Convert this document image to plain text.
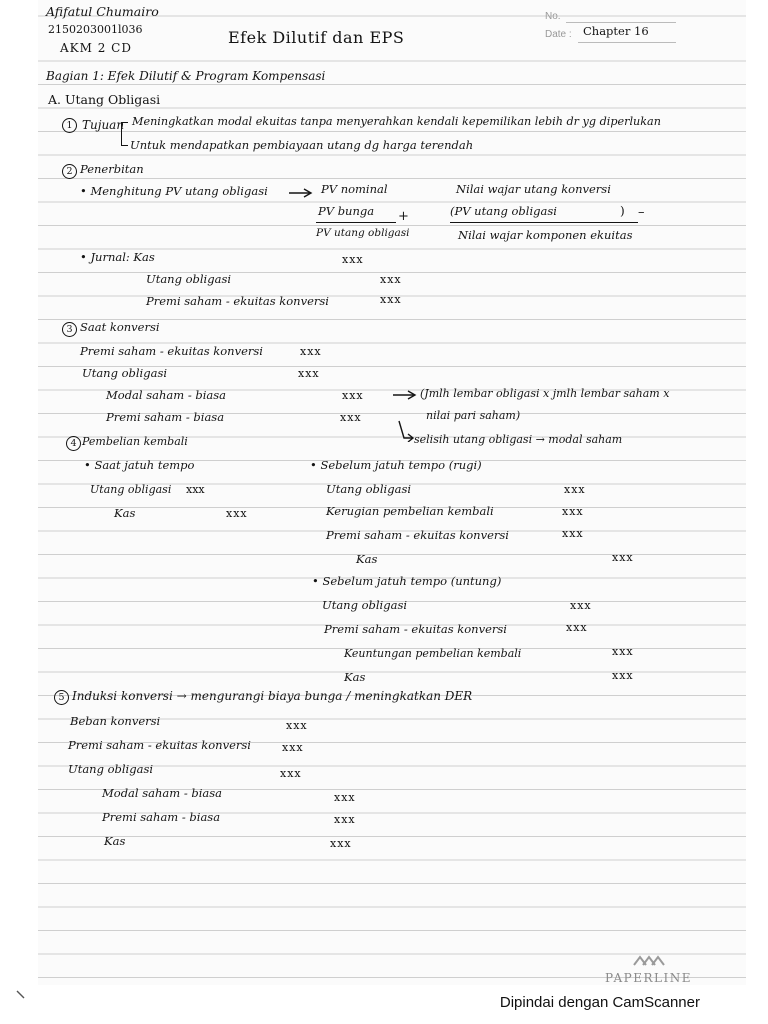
Afifatul Chumairo
2150203001l036
AKM 2 CD
Efek Dilutif dan EPS
No.
Date : Chapter 16
Bagian 1: Efek Dilutif & Program Kompensasi
A. Utang Obligasi
1 Tujuan Meningkatkan modal ekuitas tanpa menyerahkan kendali kepemilikan lebih dr yg diperlukan
Untuk mendapatkan pembiayaan utang dg harga terendah
2 Penerbitan
• Menghitung PV utang obligasi	PV nominal
PV bunga +
PV utang obligasi
Nilai wajar utang konversi
(PV utang obligasi	) –
Nilai wajar komponen ekuitas
• Jurnal: Kas	xxx
Utang obligasi	xxx
Premi saham - ekuitas konversi	xxx
3 Saat konversi
Premi saham - ekuitas konversi	xxx
Utang obligasi	xxx
Modal saham - biasa	xxx
Premi saham - biasa	xxx
(Jmlh lembar obligasi x jmlh lembar saham x
nilai pari saham)
selisih utang obligasi → modal saham
4 Pembelian kembali
• Saat jatuh tempo
Utang obligasi xxx
Kas	xxx
• Sebelum jatuh tempo (rugi)
Utang obligasi	xxx
Kerugian pembelian kembali	xxx
Premi saham - ekuitas konversi	xxx
Kas	xxx
• Sebelum jatuh tempo (untung)
Utang obligasi	xxx
Premi saham - ekuitas konversi	xxx
Keuntungan pembelian kembali	xxx
Kas	xxx
5 Induksi konversi → mengurangi biaya bunga / meningkatkan DER
Beban konversi	xxx
Premi saham - ekuitas konversi	xxx
Utang obligasi	xxx
Modal saham - biasa	xxx
Premi saham - biasa	xxx
Kas	xxx
PAPERLINE
Dipindai dengan CamScanner
